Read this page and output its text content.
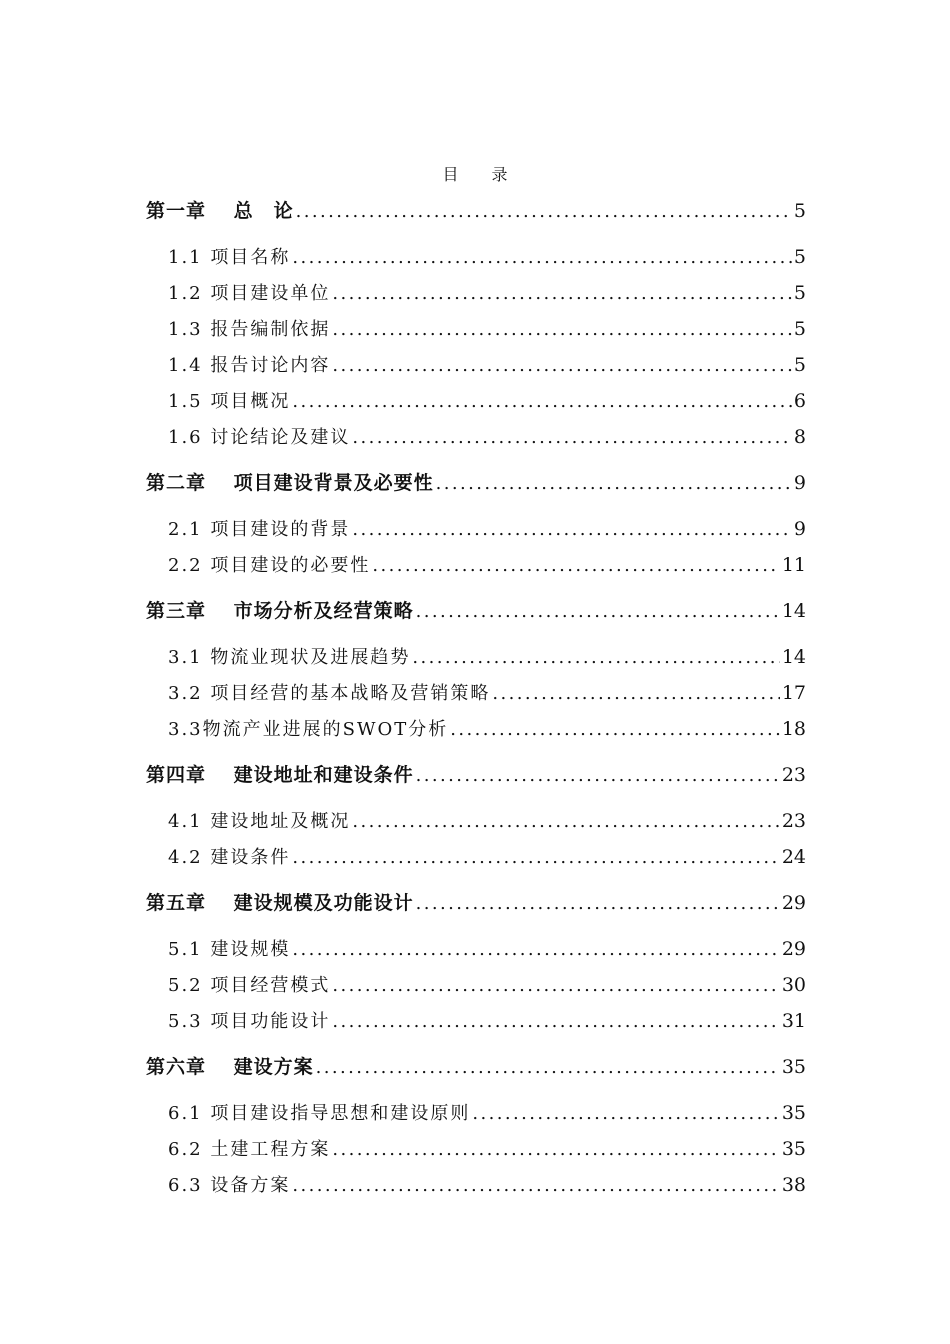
目 录
第一章　 总　论 .....	5
1.1 项目名称 .....	5
1.2 项目建设单位 .....	5
1.3 报告编制依据 .....	5
1.4 报告讨论内容 .....	5
1.5 项目概况 .....	6
1.6 讨论结论及建议 .....	8
第二章　 项目建设背景及必要性 .....	9
2.1 项目建设的背景 .....	9
2.2 项目建设的必要性 .....	11
第三章　 市场分析及经营策略 .....	14
3.1 物流业现状及进展趋势 .....	14
3.2 项目经营的基本战略及营销策略 .....	17
3.3物流产业进展的SWOT分析 .....	18
第四章　 建设地址和建设条件 .....	23
4.1 建设地址及概况 .....	23
4.2 建设条件 .....	24
第五章　 建设规模及功能设计 .....	29
5.1 建设规模 .....	29
5.2 项目经营模式 .....	30
5.3 项目功能设计 .....	31
第六章　 建设方案 .....	35
6.1 项目建设指导思想和建设原则 .....	35
6.2 土建工程方案 .....	35
6.3 设备方案 .....	38
